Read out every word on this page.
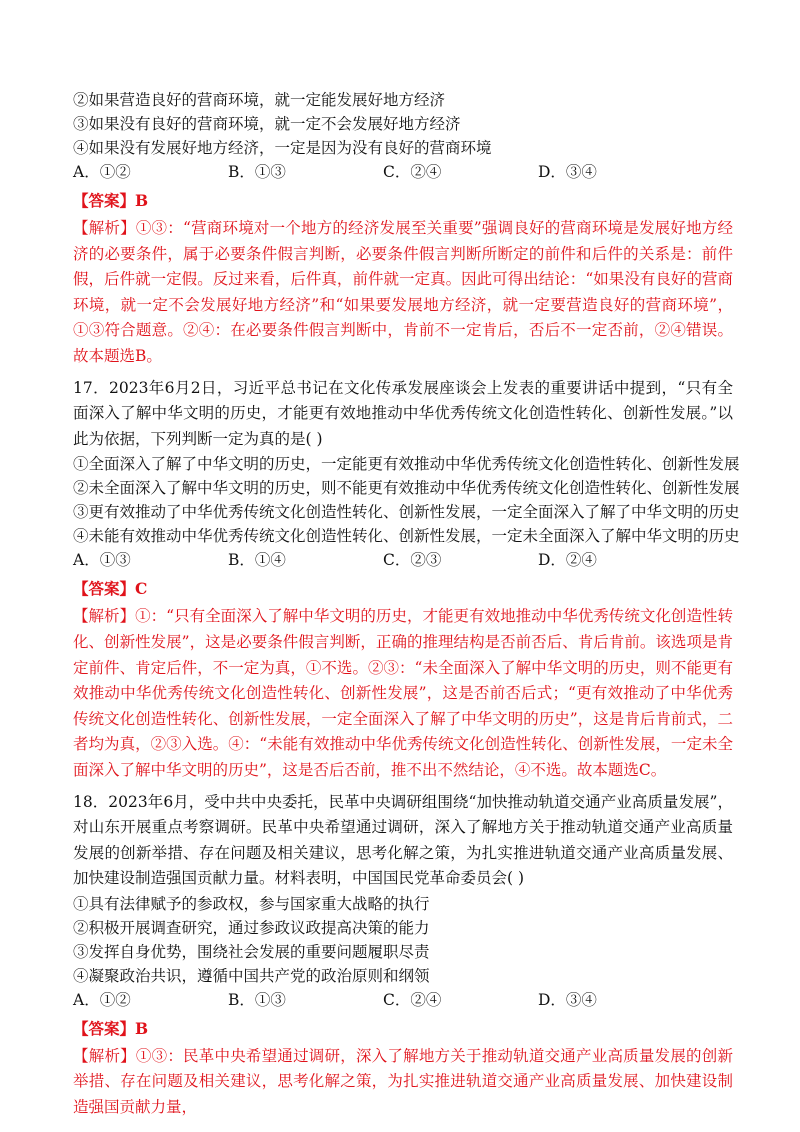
②如果营造良好的营商环境，就一定能发展好地方经济
③如果没有良好的营商环境，就一定不会发展好地方经济
④如果没有发展好地方经济，一定是因为没有良好的营商环境
A．①②	B．①③	C．②④	D．③④
【答案】B
【解析】①③：“营商环境对一个地方的经济发展至关重要”强调良好的营商环境是发展好地方经济的必要条件，属于必要条件假言判断，必要条件假言判断所断定的前件和后件的关系是：前件假，后件就一定假。反过来看，后件真，前件就一定真。因此可得出结论：“如果没有良好的营商环境，就一定不会发展好地方经济”和“如果要发展地方经济，就一定要营造良好的营商环境”，①③符合题意。②④：在必要条件假言判断中，肯前不一定肯后，否后不一定否前，②④错误。故本题选B。
17．2023年6月2日，习近平总书记在文化传承发展座谈会上发表的重要讲话中提到，“只有全面深入了解中华文明的历史，才能更有效地推动中华优秀传统文化创造性转化、创新性发展。”以此为依据，下列判断一定为真的是( )
①全面深入了解了中华文明的历史，一定能更有效推动中华优秀传统文化创造性转化、创新性发展
②未全面深入了解中华文明的历史，则不能更有效推动中华优秀传统文化创造性转化、创新性发展
③更有效推动了中华优秀传统文化创造性转化、创新性发展，一定全面深入了解了中华文明的历史
④未能有效推动中华优秀传统文化创造性转化、创新性发展，一定未全面深入了解中华文明的历史
A．①③	B．①④	C．②③	D．②④
【答案】C
【解析】①：“只有全面深入了解中华文明的历史，才能更有效地推动中华优秀传统文化创造性转化、创新性发展”，这是必要条件假言判断，正确的推理结构是否前否后、肯后肯前。该选项是肯定前件、肯定后件，不一定为真，①不选。②③：“未全面深入了解中华文明的历史，则不能更有效推动中华优秀传统文化创造性转化、创新性发展”，这是否前否后式；“更有效推动了中华优秀传统文化创造性转化、创新性发展，一定全面深入了解了中华文明的历史”，这是肯后肯前式，二者均为真，②③入选。④：“未能有效推动中华优秀传统文化创造性转化、创新性发展，一定未全面深入了解中华文明的历史”，这是否后否前，推不出不然结论，④不选。故本题选C。
18．2023年6月，受中共中央委托，民革中央调研组围绕“加快推动轨道交通产业高质量发展”，对山东开展重点考察调研。民革中央希望通过调研，深入了解地方关于推动轨道交通产业高质量发展的创新举措、存在问题及相关建议，思考化解之策，为扎实推进轨道交通产业高质量发展、加快建设制造强国贡献力量。材料表明，中国国民党革命委员会( )
①具有法律赋予的参政权，参与国家重大战略的执行
②积极开展调查研究，通过参政议政提高决策的能力
③发挥自身优势，围绕社会发展的重要问题履职尽责
④凝聚政治共识，遵循中国共产党的政治原则和纲领
A．①②	B．①③	C．②④	D．③④
【答案】B
【解析】①③：民革中央希望通过调研，深入了解地方关于推动轨道交通产业高质量发展的创新举措、存在问题及相关建议，思考化解之策，为扎实推进轨道交通产业高质量发展、加快建设制造强国贡献力量，
